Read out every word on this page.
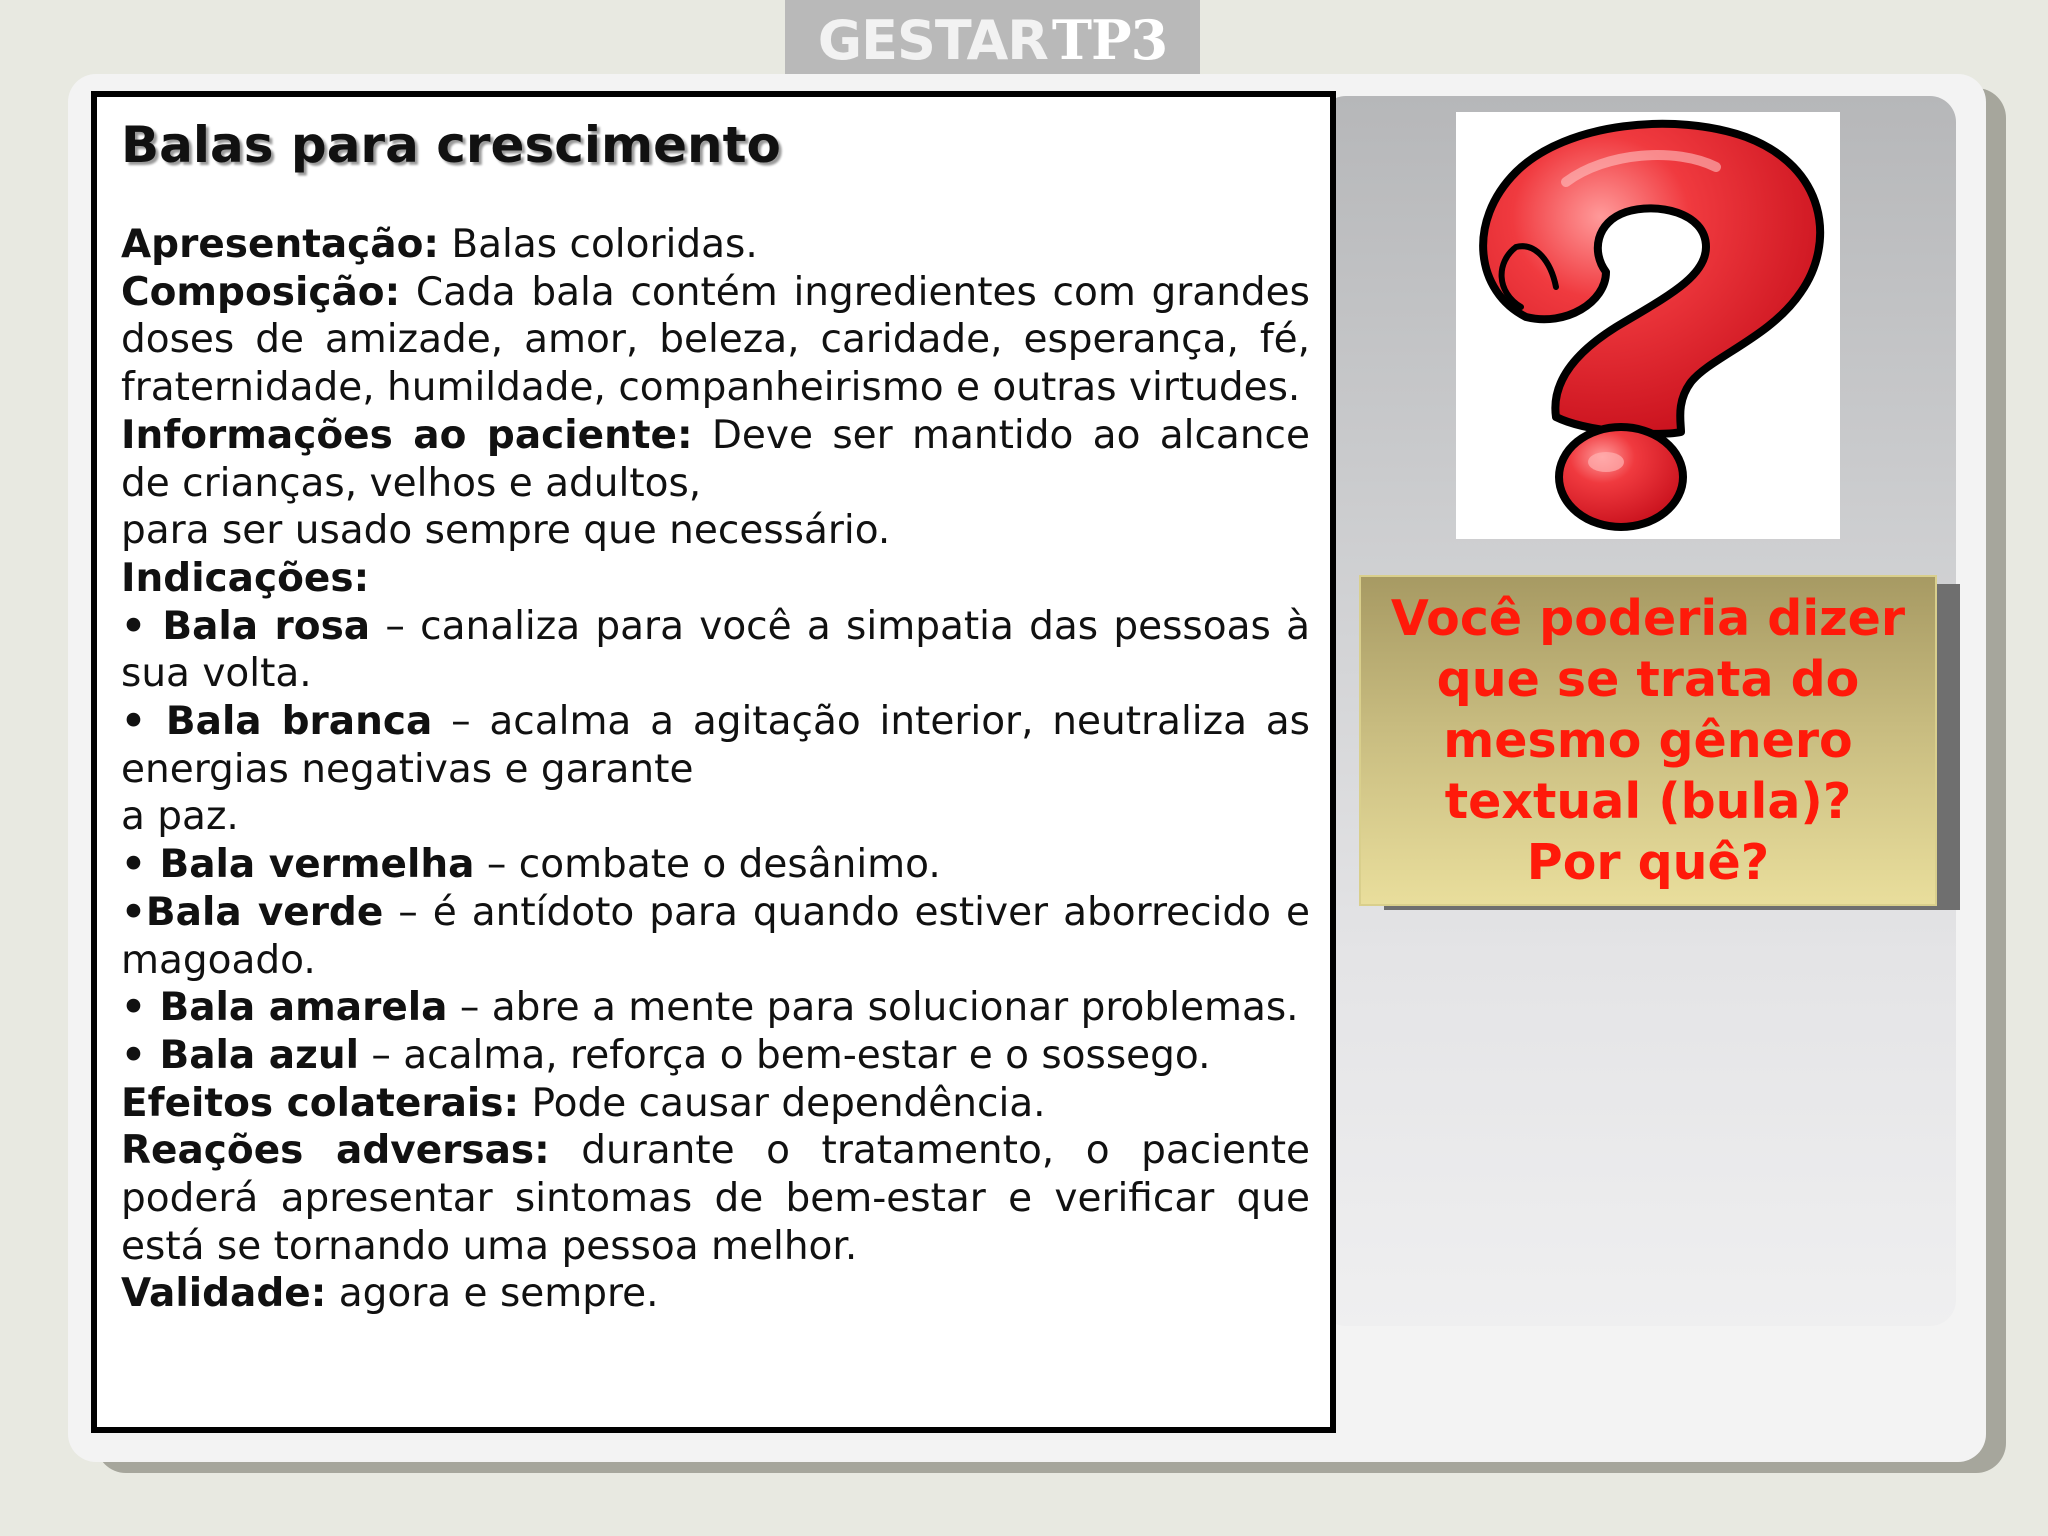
GESTAR TP3
Balas para crescimento
Apresentação: Balas coloridas.
Composição: Cada bala contém ingredientes com grandes doses de amizade, amor, beleza, caridade, esperança, fé, fraternidade, humildade, companheirismo e outras virtudes.
Informações ao paciente: Deve ser mantido ao alcance de crianças, velhos e adultos,
para ser usado sempre que necessário.
Indicações:
• Bala rosa – canaliza para você a simpatia das pessoas à sua volta.
• Bala branca – acalma a agitação interior, neutraliza as energias negativas e garante
a paz.
• Bala vermelha – combate o desânimo.
•Bala verde – é antídoto para quando estiver aborrecido e magoado.
• Bala amarela – abre a mente para solucionar problemas.
• Bala azul – acalma, reforça o bem-estar e o sossego.
Efeitos colaterais: Pode causar dependência.
Reações adversas: durante o tratamento, o paciente poderá apresentar sintomas de bem-estar e verificar que está se tornando uma pessoa melhor.
Validade: agora e sempre.
Você poderia dizer
que se trata do
mesmo gênero
textual (bula)?
Por quê?
